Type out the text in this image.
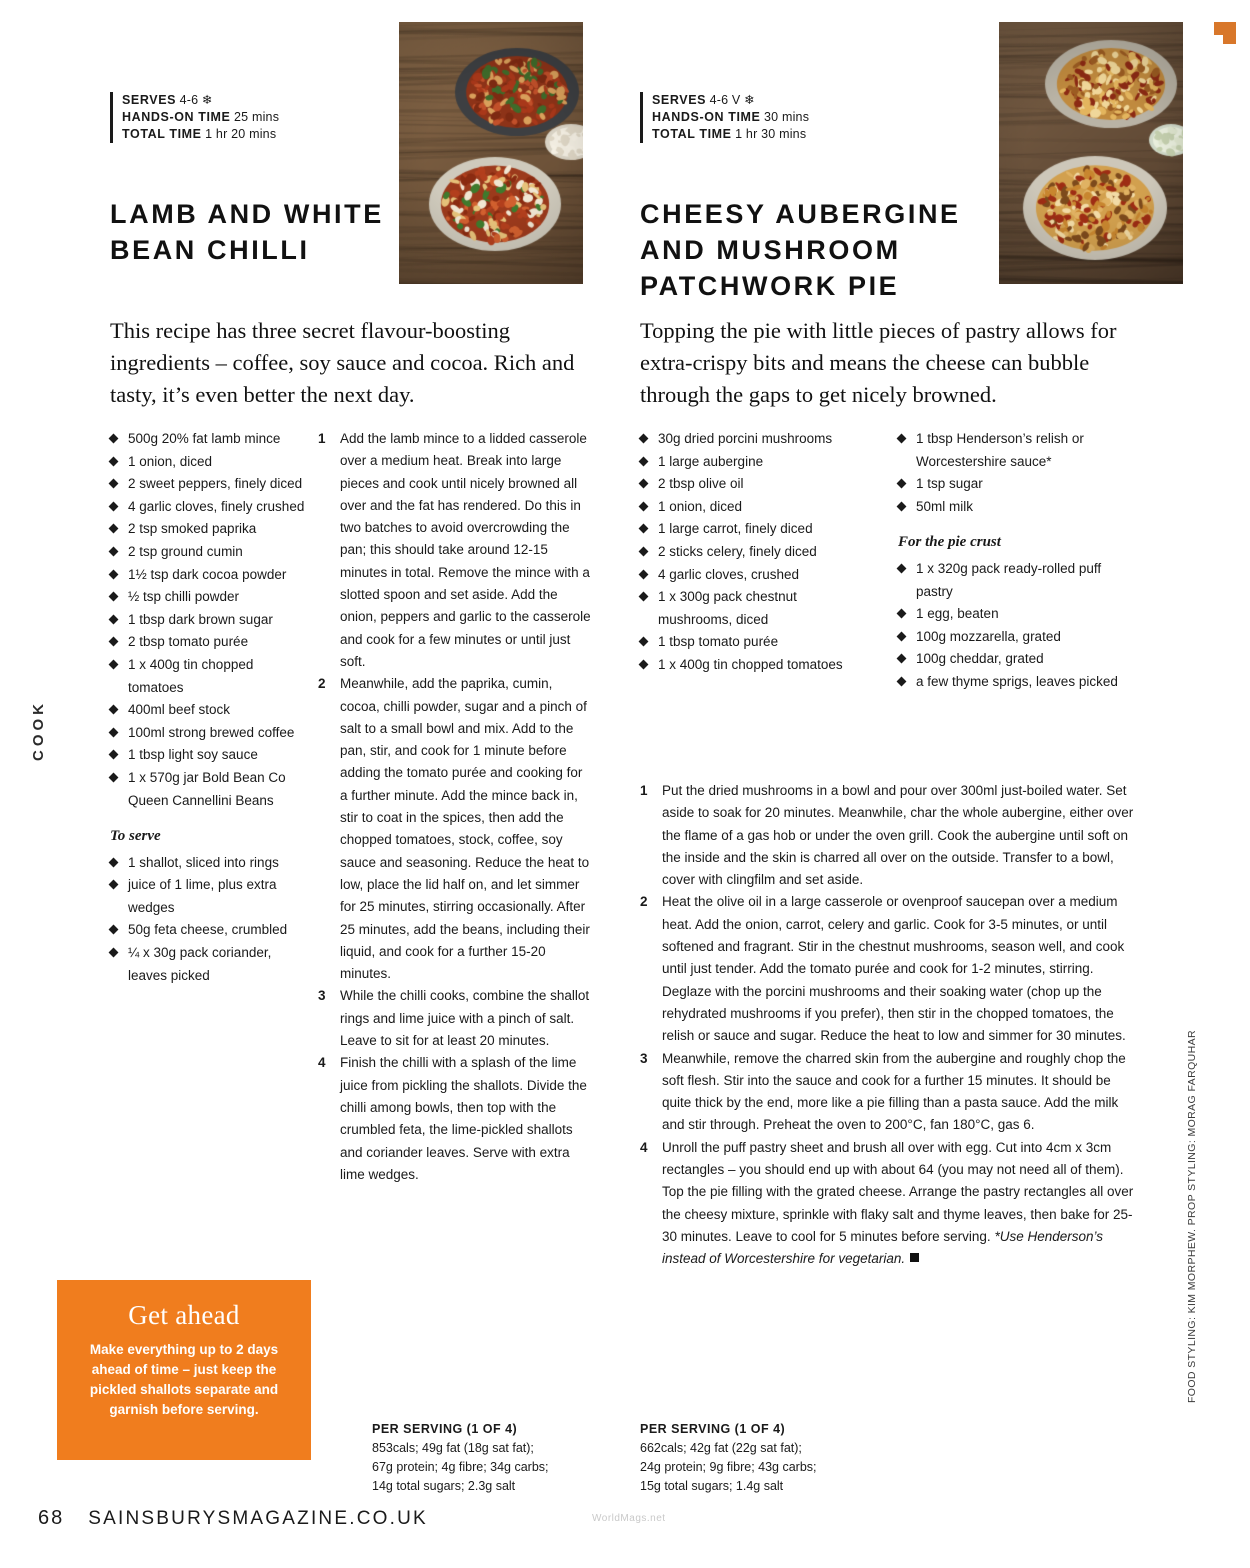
COOK
FOOD STYLING: KIM MORPHEW. PROP STYLING: MORAG FARQUHAR
SERVES 4-6 ❄
HANDS-ON TIME 25 mins
TOTAL TIME 1 hr 20 mins
LAMB AND WHITE BEAN CHILLI

This recipe has three secret flavour-boosting ingredients – coffee, soy sauce and cocoa. Rich and tasty, it’s even better the next day.

500g 20% fat lamb mince
1 onion, diced
2 sweet peppers, finely diced
4 garlic cloves, finely crushed
2 tsp smoked paprika
2 tsp ground cumin
1½ tsp dark cocoa powder
½ tsp chilli powder
1 tbsp dark brown sugar
2 tbsp tomato purée
1 x 400g tin chopped tomatoes
400ml beef stock
100ml strong brewed coffee
1 tbsp light soy sauce
1 x 570g jar Bold Bean Co Queen Cannellini Beans
To serve
1 shallot, sliced into rings
juice of 1 lime, plus extra wedges
50g feta cheese, crumbled
¼ x 30g pack coriander, leaves picked
1 Add the lamb mince to a lidded casserole over a medium heat. Break into large pieces and cook until nicely browned all over and the fat has rendered. Do this in two batches to avoid overcrowding the pan; this should take around 12-15 minutes in total. Remove the mince with a slotted spoon and set aside. Add the onion, peppers and garlic to the casserole and cook for a few minutes or until just soft.
2 Meanwhile, add the paprika, cumin, cocoa, chilli powder, sugar and a pinch of salt to a small bowl and mix. Add to the pan, stir, and cook for 1 minute before adding the tomato purée and cooking for a further minute. Add the mince back in, stir to coat in the spices, then add the chopped tomatoes, stock, coffee, soy sauce and seasoning. Reduce the heat to low, place the lid half on, and let simmer for 25 minutes, stirring occasionally. After 25 minutes, add the beans, including their liquid, and cook for a further 15-20 minutes.
3 While the chilli cooks, combine the shallot rings and lime juice with a pinch of salt. Leave to sit for at least 20 minutes.
4 Finish the chilli with a splash of the lime juice from pickling the shallots. Divide the chilli among bowls, then top with the crumbled feta, the lime-pickled shallots and coriander leaves. Serve with extra lime wedges.
PER SERVING (1 OF 4)
853cals; 49g fat (18g sat fat);
67g protein; 4g fibre; 34g carbs;
14g total sugars; 2.3g salt
SERVES 4-6 V ❄
HANDS-ON TIME 30 mins
TOTAL TIME 1 hr 30 mins
CHEESY AUBERGINE AND MUSHROOM PATCHWORK PIE

Topping the pie with little pieces of pastry allows for extra-crispy bits and means the cheese can bubble through the gaps to get nicely browned.

30g dried porcini mushrooms
1 large aubergine
2 tbsp olive oil
1 onion, diced
1 large carrot, finely diced
2 sticks celery, finely diced
4 garlic cloves, crushed
1 x 300g pack chestnut mushrooms, diced
1 tbsp tomato purée
1 x 400g tin chopped tomatoes
1 tbsp Henderson’s relish or Worcestershire sauce*
1 tsp sugar
50ml milk
For the pie crust
1 x 320g pack ready-rolled puff pastry
1 egg, beaten
100g mozzarella, grated
100g cheddar, grated
a few thyme sprigs, leaves picked
1 Put the dried mushrooms in a bowl and pour over 300ml just-boiled water. Set aside to soak for 20 minutes. Meanwhile, char the whole aubergine, either over the flame of a gas hob or under the oven grill. Cook the aubergine until soft on the inside and the skin is charred all over on the outside. Transfer to a bowl, cover with clingfilm and set aside.
2 Heat the olive oil in a large casserole or ovenproof saucepan over a medium heat. Add the onion, carrot, celery and garlic. Cook for 3-5 minutes, or until softened and fragrant. Stir in the chestnut mushrooms, season well, and cook until just tender. Add the tomato purée and cook for 1-2 minutes, stirring. Deglaze with the porcini mushrooms and their soaking water (chop up the rehydrated mushrooms if you prefer), then stir in the chopped tomatoes, the relish or sauce and sugar. Reduce the heat to low and simmer for 30 minutes.
3 Meanwhile, remove the charred skin from the aubergine and roughly chop the soft flesh. Stir into the sauce and cook for a further 15 minutes. It should be quite thick by the end, more like a pie filling than a pasta sauce. Add the milk and stir through. Preheat the oven to 200°C, fan 180°C, gas 6.
4 Unroll the puff pastry sheet and brush all over with egg. Cut into 4cm x 3cm rectangles – you should end up with about 64 (you may not need all of them). Top the pie filling with the grated cheese. Arrange the pastry rectangles all over the cheesy mixture, sprinkle with flaky salt and thyme leaves, then bake for 25-30 minutes. Leave to cool for 5 minutes before serving. *Use Henderson’s instead of Worcestershire for vegetarian.
PER SERVING (1 OF 4)
662cals; 42g fat (22g sat fat);
24g protein; 9g fibre; 43g carbs;
15g total sugars; 1.4g salt
Get ahead

Make everything up to 2 days ahead of time – just keep the pickled shallots separate and garnish before serving.

68 SAINSBURYSMAGAZINE.CO.UK	WorldMags.net
